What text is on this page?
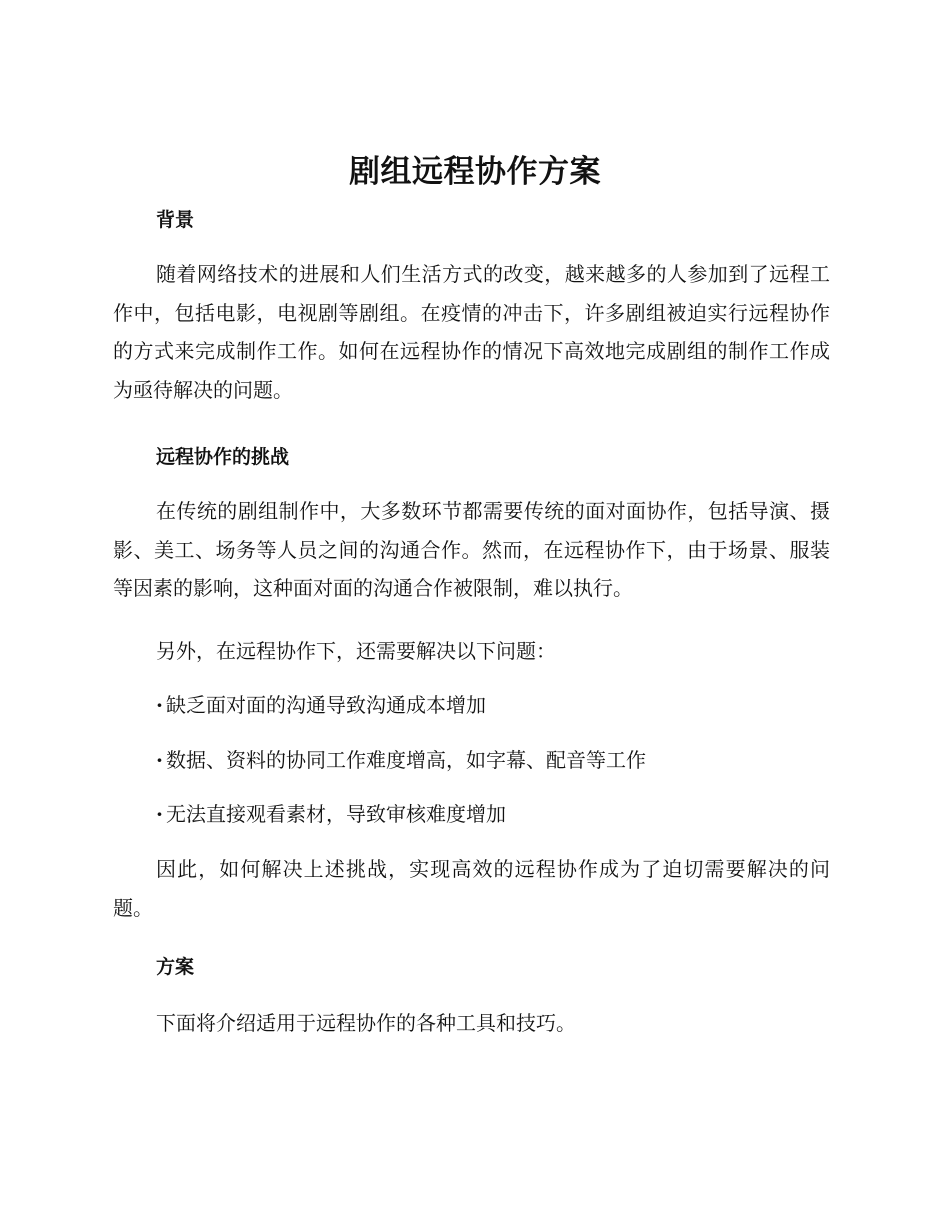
剧组远程协作方案
背景

随着网络技术的进展和人们生活方式的改变，越来越多的人参加到了远程工作中，包括电影，电视剧等剧组。在疫情的冲击下，许多剧组被迫实行远程协作的方式来完成制作工作。如何在远程协作的情况下高效地完成剧组的制作工作成为亟待解决的问题。

远程协作的挑战

在传统的剧组制作中，大多数环节都需要传统的面对面协作，包括导演、摄影、美工、场务等人员之间的沟通合作。然而，在远程协作下，由于场景、服装等因素的影响，这种面对面的沟通合作被限制，难以执行。

另外，在远程协作下，还需要解决以下问题：

· 缺乏面对面的沟通导致沟通成本增加

· 数据、资料的协同工作难度增高，如字幕、配音等工作

· 无法直接观看素材，导致审核难度增加

因此，如何解决上述挑战，实现高效的远程协作成为了迫切需要解决的问题。

方案

下面将介绍适用于远程协作的各种工具和技巧。
